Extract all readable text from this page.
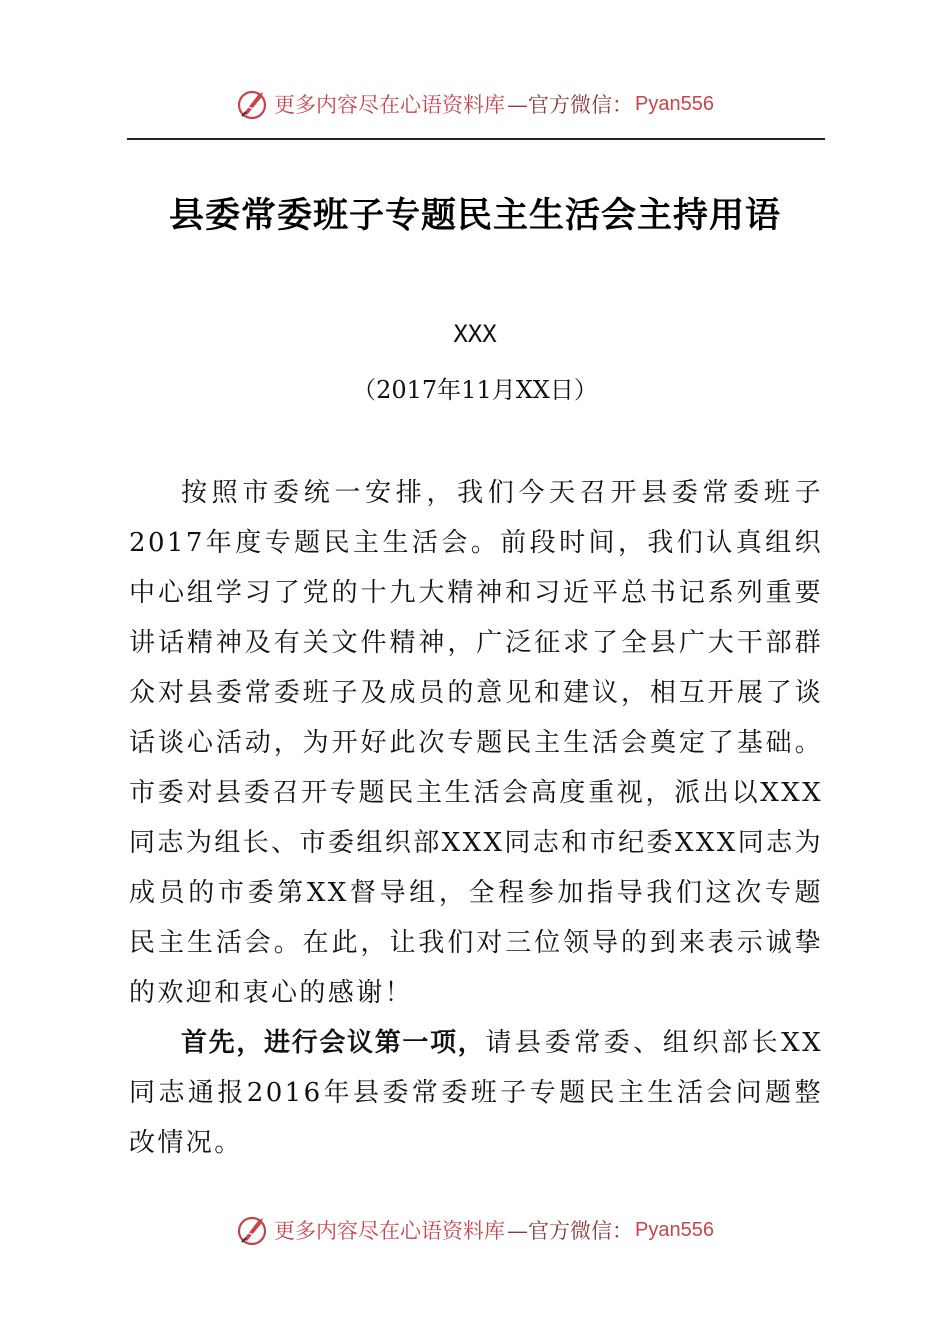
更多内容尽在心语资料库 —官方微信： Pyan556
县委常委班子专题民主生活会主持用语
XXX
（2017年11月XX日）

按照市委统一安排，我们今天召开县委常委班子2017年度专题民主生活会。前段时间，我们认真组织中心组学习了党的十九大精神和习近平总书记系列重要讲话精神及有关文件精神，广泛征求了全县广大干部群众对县委常委班子及成员的意见和建议，相互开展了谈话谈心活动，为开好此次专题民主生活会奠定了基础。市委对县委召开专题民主生活会高度重视，派出以XXX同志为组长、市委组织部XXX同志和市纪委XXX同志为成员的市委第XX督导组，全程参加指导我们这次专题民主生活会。在此，让我们对三位领导的到来表示诚挚的欢迎和衷心的感谢！

首先，进行会议第一项，请县委常委、组织部长XX同志通报2016年县委常委班子专题民主生活会问题整改情况。

更多内容尽在心语资料库 —官方微信： Pyan556
